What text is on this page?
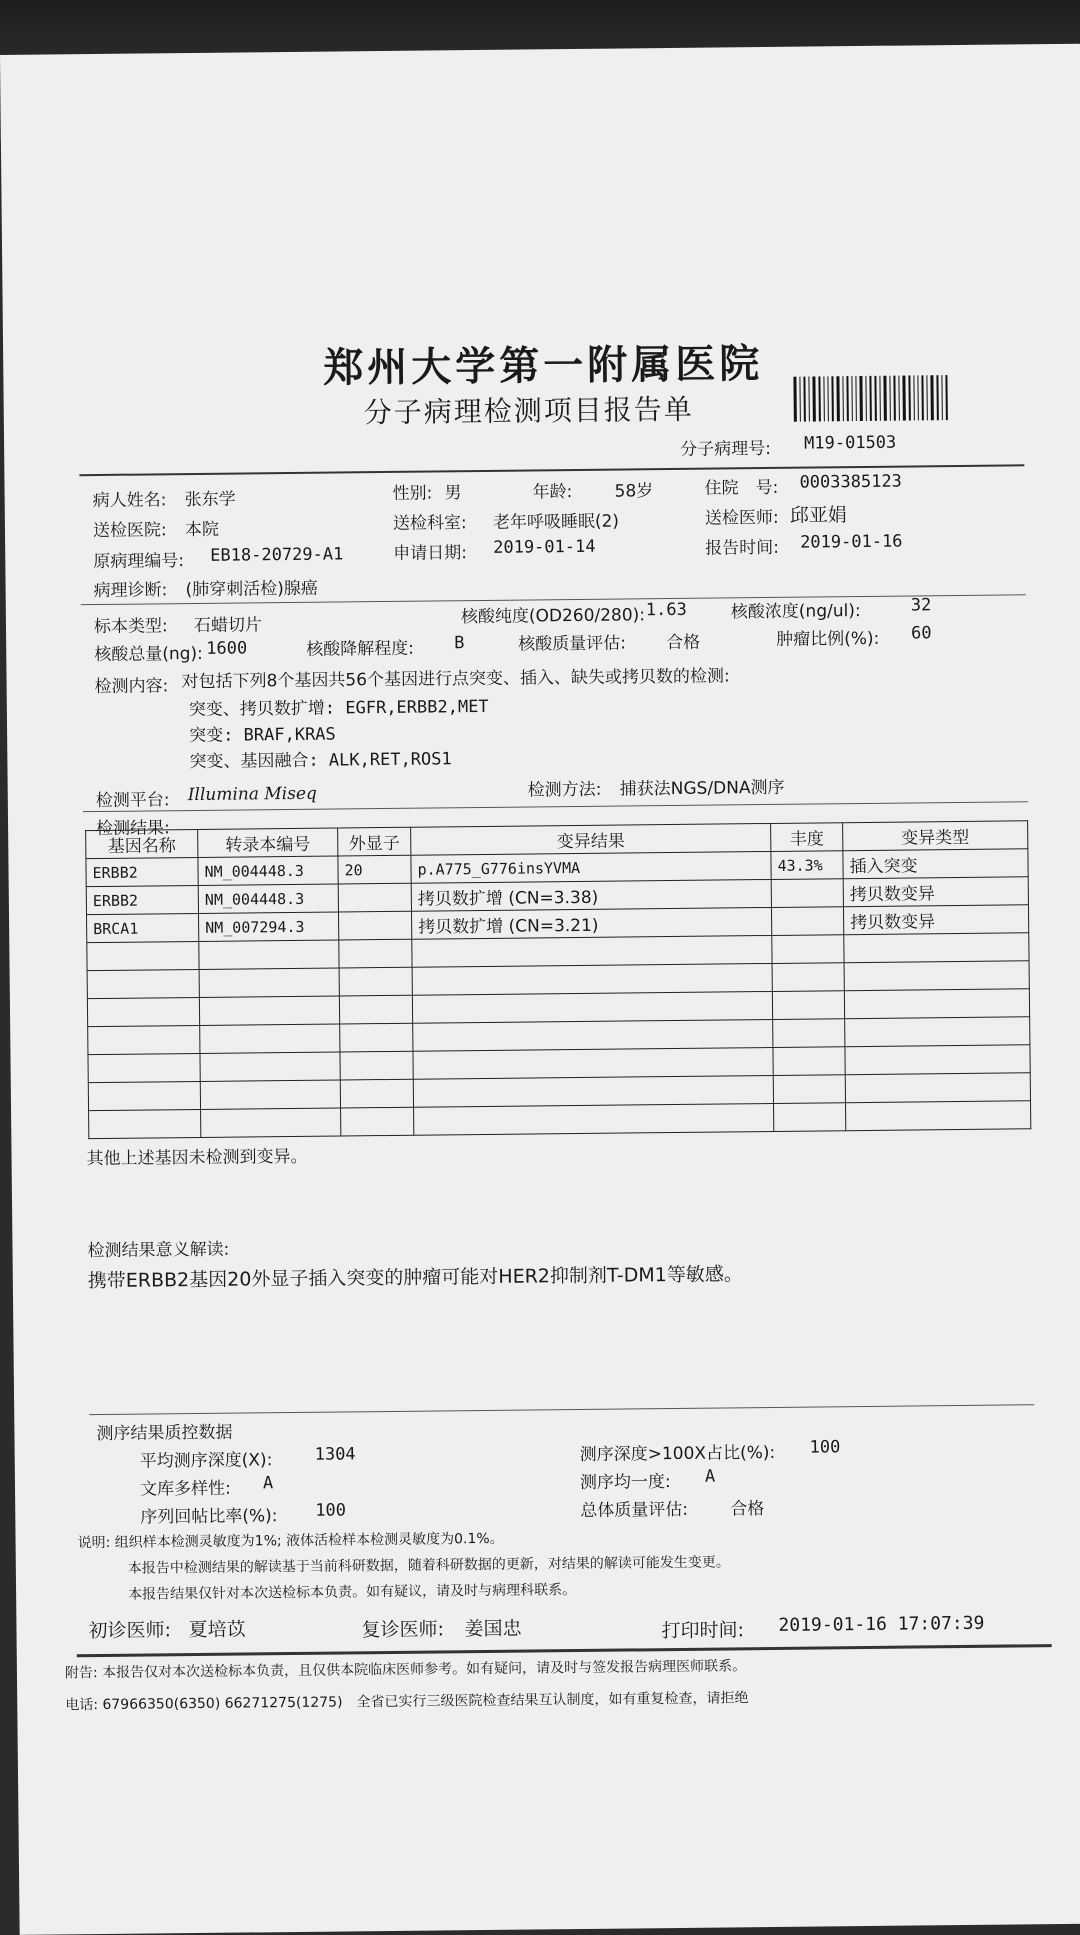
郑州大学第一附属医院
分子病理检测项目报告单
分子病理号: M19-01503
病人姓名: 张东学	性别: 男	年龄: 58岁	住院　号: 0003385123
送检医院: 本院	送检科室: 老年呼吸睡眠(2)	送检医师: 邱亚娟
原病理编号: EB18-20729-A1	申请日期: 2019-01-14	报告时间: 2019-01-16
病理诊断: (肺穿刺活检)腺癌
标本类型: 石蜡切片	核酸纯度(OD260/280): 1.63	核酸浓度(ng/ul):	32
核酸总量(ng): 1600	核酸降解程度: B	核酸质量评估: 合格	肿瘤比例(%): 60
检测内容: 对包括下列8个基因共56个基因进行点突变、插入、缺失或拷贝数的检测:
突变、拷贝数扩增: EGFR,ERBB2,MET
突变: BRAF,KRAS
突变、基因融合: ALK,RET,ROS1
检测平台: Illumina Miseq	检测方法: 捕获法NGS/DNA测序
检测结果:
基因名称	转录本编号	外显子	变异结果	丰度	变异类型
ERBB2	NM_004448.3	20	p.A775_G776insYVMA	43.3%	插入突变
ERBB2	NM_004448.3		拷贝数扩增 (CN=3.38)		拷贝数变异
BRCA1	NM_007294.3		拷贝数扩增 (CN=3.21)		拷贝数变异

其他上述基因未检测到变异。
检测结果意义解读:
携带ERBB2基因20外显子插入突变的肿瘤可能对HER2抑制剂T-DM1等敏感。
测序结果质控数据
平均测序深度(X): 1304	测序深度>100X占比(%): 100
文库多样性: A	测序均一度: A
序列回帖比率(%): 100	总体质量评估: 合格
说明: 组织样本检测灵敏度为1%; 液体活检样本检测灵敏度为0.1%。
本报告中检测结果的解读基于当前科研数据，随着科研数据的更新，对结果的解读可能发生变更。
本报告结果仅针对本次送检标本负责。如有疑议，请及时与病理科联系。
初诊医师: 夏培苡	复诊医师: 姜国忠	打印时间: 2019-01-16 17:07:39
附告: 本报告仅对本次送检标本负责，且仅供本院临床医师参考。如有疑问，请及时与签发报告病理医师联系。
电话: 67966350(6350) 66271275(1275)　全省已实行三级医院检查结果互认制度，如有重复检查，请拒绝
